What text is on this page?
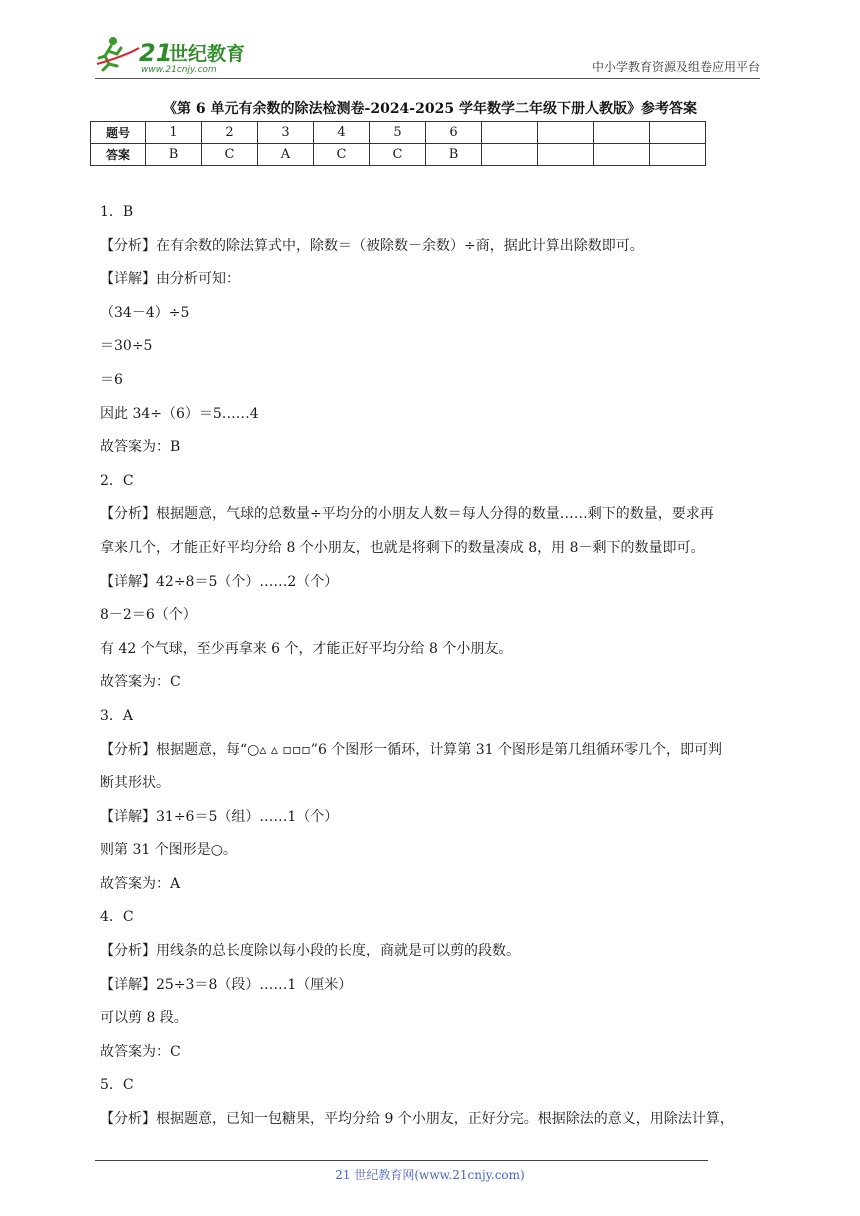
21
世纪教育
www.21cnjy.com	中小学教育资源及组卷应用平台
《第 6 单元有余数的除法检测卷-2024-2025 学年数学二年级下册人教版》参考答案
题号	1	2	3	4	5	6				
答案	B	C	A	C	C	B				

1．B

【分析】在有余数的除法算式中，除数＝（被除数－余数）÷商，据此计算出除数即可。

【详解】由分析可知：

（34－4）÷5

＝30÷5

＝6

因此 34÷（6）＝5……4

故答案为：B

2．C

【分析】根据题意，气球的总数量÷平均分的小朋友人数＝每人分得的数量……剩下的数量，要求再

拿来几个，才能正好平均分给 8 个小朋友，也就是将剩下的数量凑成 8，用 8－剩下的数量即可。

【详解】42÷8＝5（个）……2（个）

8－2＝6（个）

有 42 个气球，至少再拿来 6 个，才能正好平均分给 8 个小朋友。

故答案为：C

3．A

【分析】根据题意，每“○▵ ▵ ▫▫▫”6 个图形一循环，计算第 31 个图形是第几组循环零几个，即可判

断其形状。

【详解】31÷6＝5（组）……1（个）

则第 31 个图形是○。

故答案为：A

4．C

【分析】用线条的总长度除以每小段的长度，商就是可以剪的段数。

【详解】25÷3＝8（段）……1（厘米）

可以剪 8 段。

故答案为：C

5．C

【分析】根据题意，已知一包糖果，平均分给 9 个小朋友，正好分完。根据除法的意义，用除法计算，

21 世纪教育网(www.21cnjy.com)
